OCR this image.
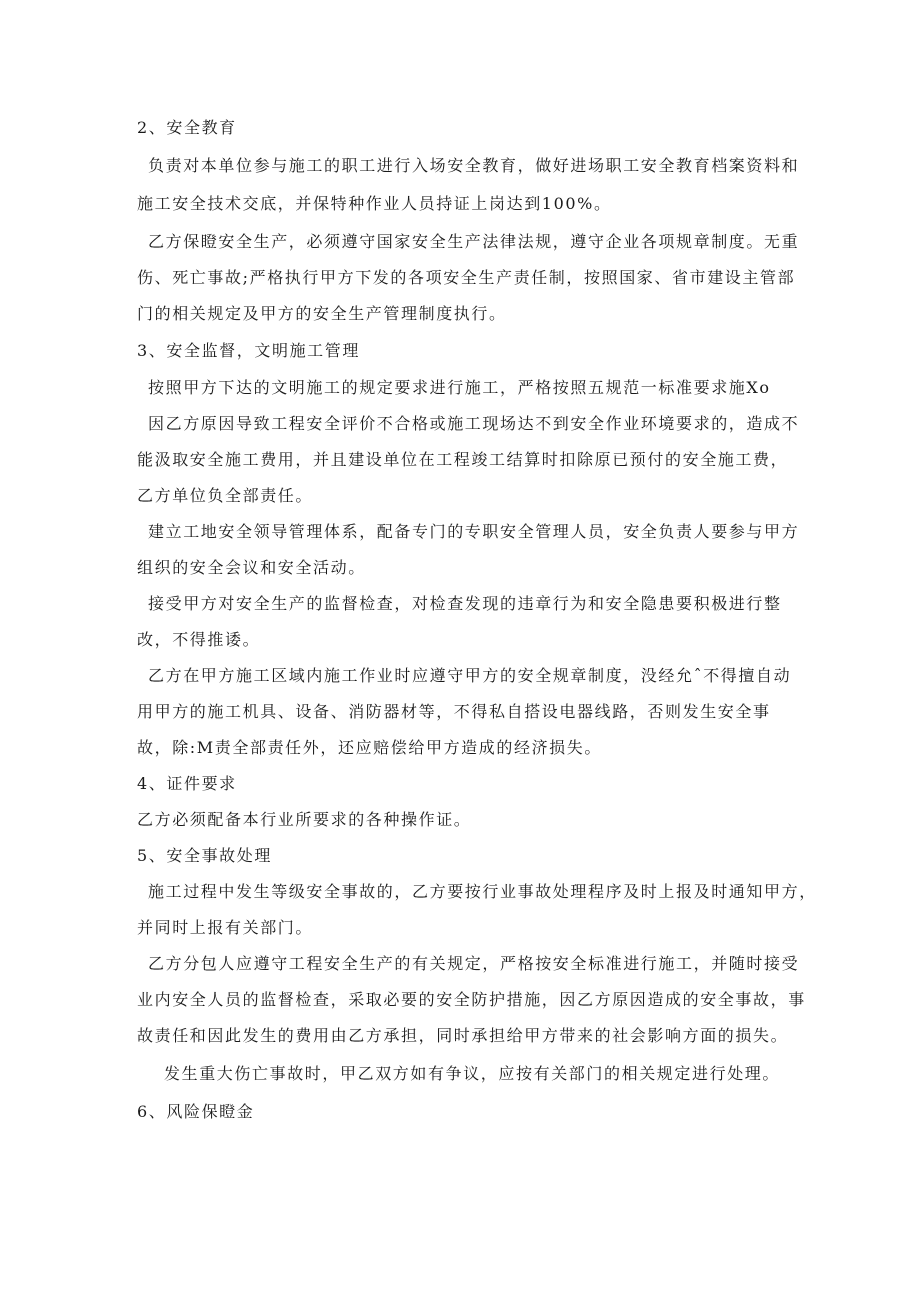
2、安全教育
负责对本单位参与施工的职工进行入场安全教育，做好进场职工安全教育档案资料和
施工安全技术交底，并保特种作业人员持证上岗达到100%。
乙方保瞪安全生产，必须遵守国家安全生产法律法规，遵守企业各项规章制度。无重
伤、死亡事故;严格执行甲方下发的各项安全生产责任制，按照国家、省市建设主管部
门的相关规定及甲方的安全生产管理制度执行。
3、安全监督，文明施工管理
按照甲方下达的文明施工的规定要求进行施工，严格按照五规范一标准要求施Xo
因乙方原因导致工程安全评价不合格或施工现场达不到安全作业环境要求的，造成不
能汲取安全施工费用，并且建设单位在工程竣工结算时扣除原已预付的安全施工费，
乙方单位负全部责任。
建立工地安全领导管理体系，配备专门的专职安全管理人员，安全负责人要参与甲方
组织的安全会议和安全活动。
接受甲方对安全生产的监督检查，对检查发现的违章行为和安全隐患要积极进行整
改，不得推诿。
乙方在甲方施工区域内施工作业时应遵守甲方的安全规章制度，没经允ˆ不得擅自动
用甲方的施工机具、设备、消防器材等，不得私自搭设电器线路，否则发生安全事
故，除:M责全部责任外，还应赔偿给甲方造成的经济损失。
4、证件要求
乙方必须配备本行业所要求的各种操作证。
5、安全事故处理
施工过程中发生等级安全事故的，乙方要按行业事故处理程序及时上报及时通知甲方，
并同时上报有关部门。
乙方分包人应遵守工程安全生产的有关规定，严格按安全标准进行施工，并随时接受
业内安全人员的监督检查，采取必要的安全防护措施，因乙方原因造成的安全事故，事
故责任和因此发生的费用由乙方承担，同时承担给甲方带来的社会影响方面的损失。
发生重大伤亡事故时，甲乙双方如有争议，应按有关部门的相关规定进行处理。
6、风险保瞪金
